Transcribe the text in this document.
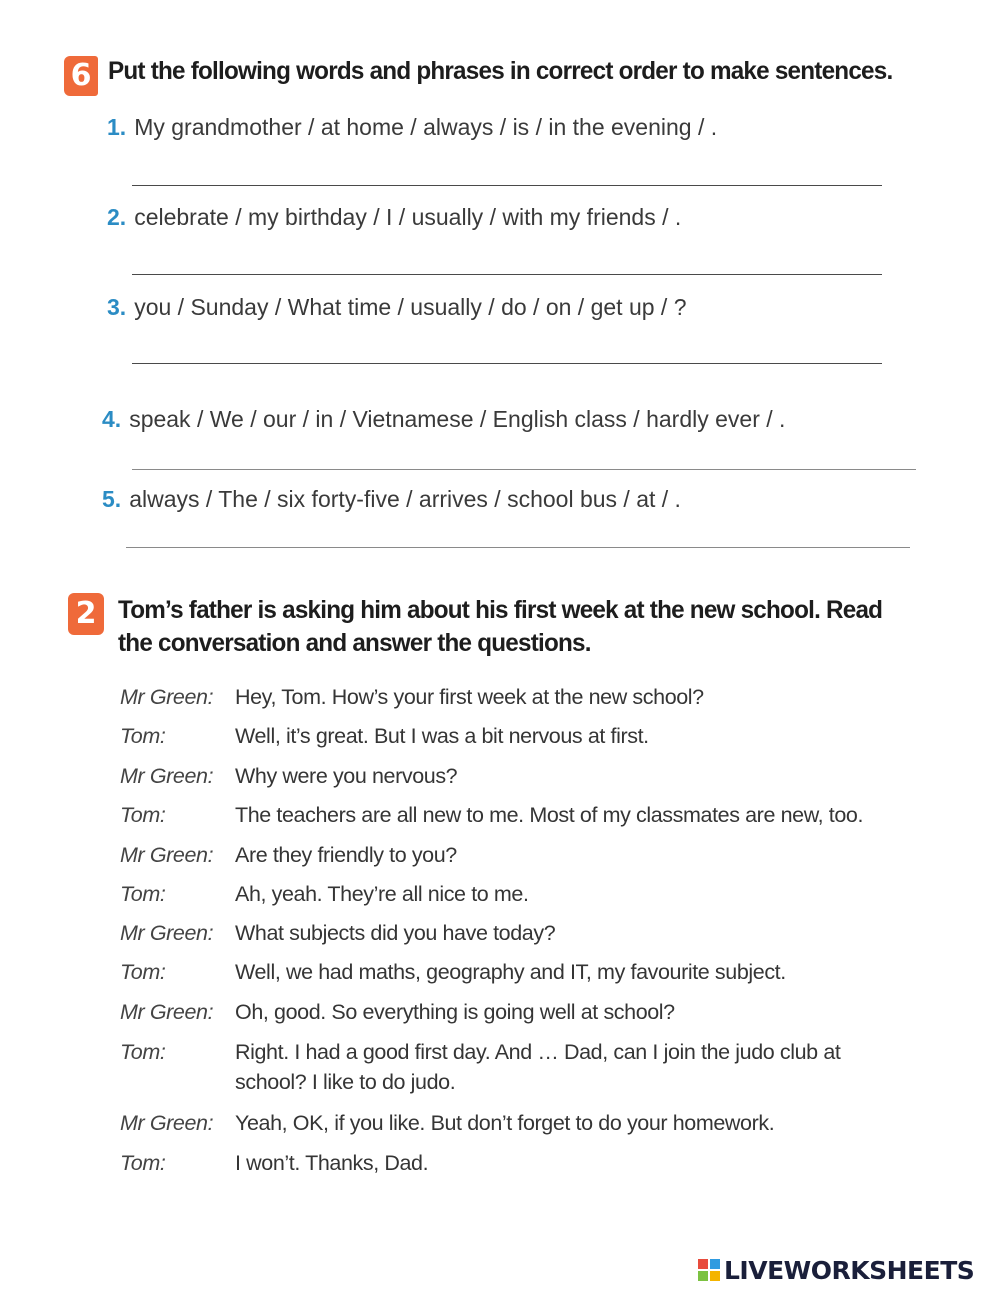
6 Put the following words and phrases in correct order to make sentences.
1. My grandmother / at home / always / is / in the evening / .
2. celebrate / my birthday / I / usually / with my friends / .
3. you / Sunday / What time / usually / do / on / get up / ?
4. speak / We / our / in / Vietnamese / English class / hardly ever / .
5. always / The / six forty-five / arrives / school bus / at / .
2 Tom’s father is asking him about his first week at the new school. Read
the conversation and answer the questions.
Mr Green: Hey, Tom. How’s your first week at the new school?
Tom:	Well, it’s great. But I was a bit nervous at first.
Mr Green: Why were you nervous?
Tom:	The teachers are all new to me. Most of my classmates are new, too.
Mr Green: Are they friendly to you?
Tom:	Ah, yeah. They’re all nice to me.
Mr Green: What subjects did you have today?
Tom:	Well, we had maths, geography and IT, my favourite subject.
Mr Green: Oh, good. So everything is going well at school?
Tom:	Right. I had a good first day. And … Dad, can I join the judo club at school? I like to do judo.
Mr Green: Yeah, OK, if you like. But don’t forget to do your homework.
Tom:	I won’t. Thanks, Dad.
LIVEWORKSHEETS
